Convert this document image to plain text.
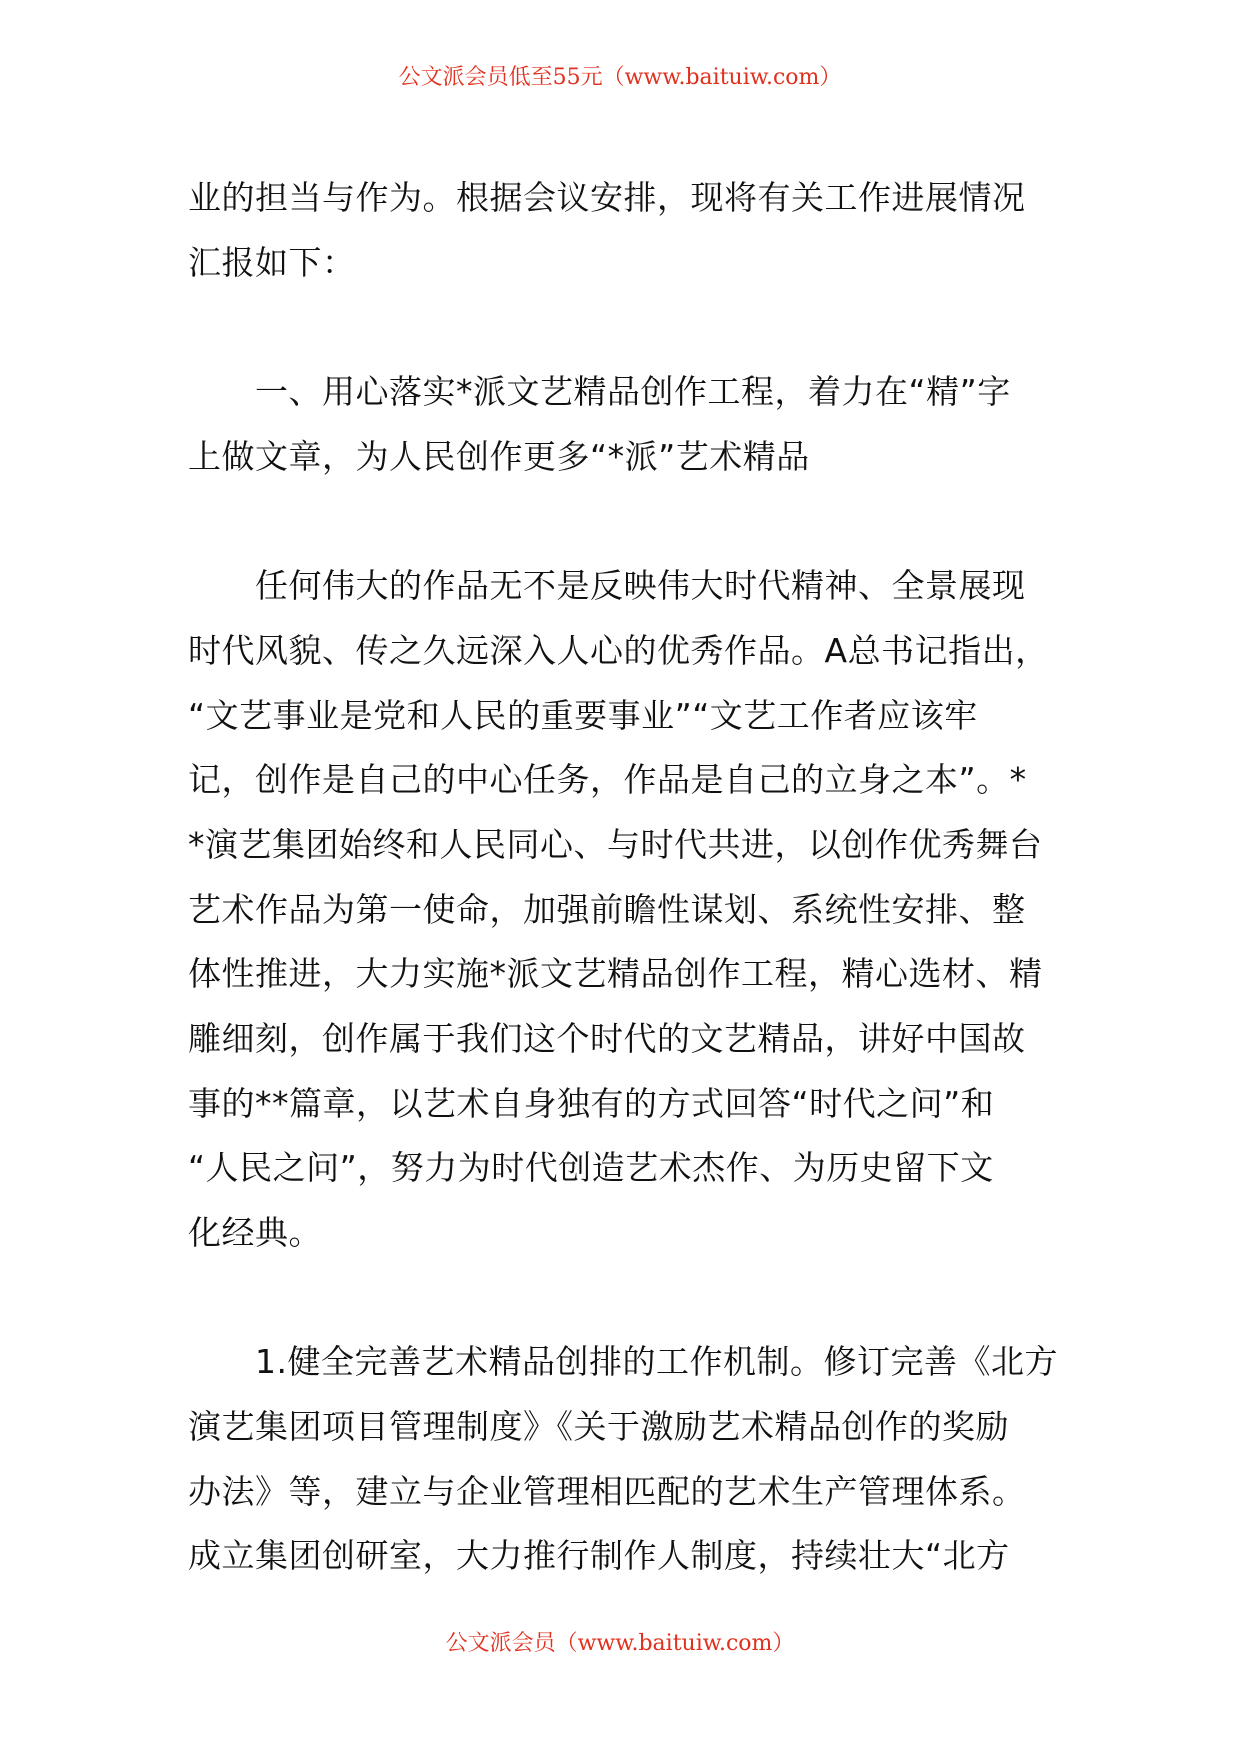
公文派会员低至55元（www.baituiw.com）
业的担当与作为。根据会议安排，现将有关工作进展情况
汇报如下：
　　一、用心落实*派文艺精品创作工程，着力在“精”字
上做文章，为人民创作更多“*派”艺术精品
　　任何伟大的作品无不是反映伟大时代精神、全景展现
时代风貌、传之久远深入人心的优秀作品。A总书记指出，
“文艺事业是党和人民的重要事业”“文艺工作者应该牢
记，创作是自己的中心任务，作品是自己的立身之本”。*
*演艺集团始终和人民同心、与时代共进，以创作优秀舞台
艺术作品为第一使命，加强前瞻性谋划、系统性安排、整
体性推进，大力实施*派文艺精品创作工程，精心选材、精
雕细刻，创作属于我们这个时代的文艺精品，讲好中国故
事的**篇章，以艺术自身独有的方式回答“时代之问”和
“人民之问”，努力为时代创造艺术杰作、为历史留下文
化经典。
　　1.健全完善艺术精品创排的工作机制。修订完善《北方
演艺集团项目管理制度》《关于激励艺术精品创作的奖励
办法》等，建立与企业管理相匹配的艺术生产管理体系。
成立集团创研室，大力推行制作人制度，持续壮大“北方
公文派会员（www.baituiw.com）
